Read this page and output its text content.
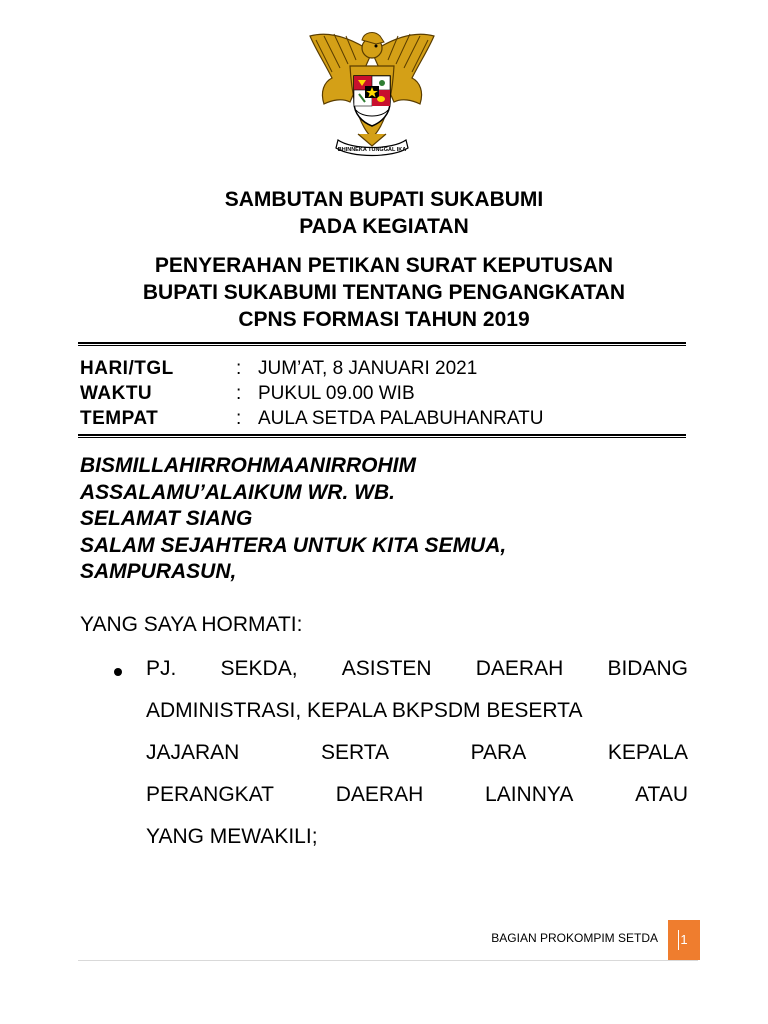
BHINNEKA TUNGGAL IKA
SAMBUTAN BUPATI SUKABUMI
PADA KEGIATAN
PENYERAHAN PETIKAN SURAT KEPUTUSAN
BUPATI SUKABUMI TENTANG PENGANGKATAN
CPNS FORMASI TAHUN 2019
HARI/TGL	: JUM’AT, 8 JANUARI 2021
WAKTU	: PUKUL 09.00 WIB
TEMPAT	: AULA SETDA PALABUHANRATU
BISMILLAHIRROHMAANIRROHIM
ASSALAMU’ALAIKUM WR. WB.
SELAMAT SIANG
SALAM SEJAHTERA UNTUK KITA SEMUA,
SAMPURASUN,
YANG SAYA HORMATI:
PJ. SEKDA, ASISTEN DAERAH BIDANG
ADMINISTRASI, KEPALA BKPSDM BESERTA
JAJARAN	SERTA	PARA	KEPALA
PERANGKAT	DAERAH	LAINNYA	ATAU
YANG MEWAKILI;
BAGIAN PROKOMPIM SETDA	1
